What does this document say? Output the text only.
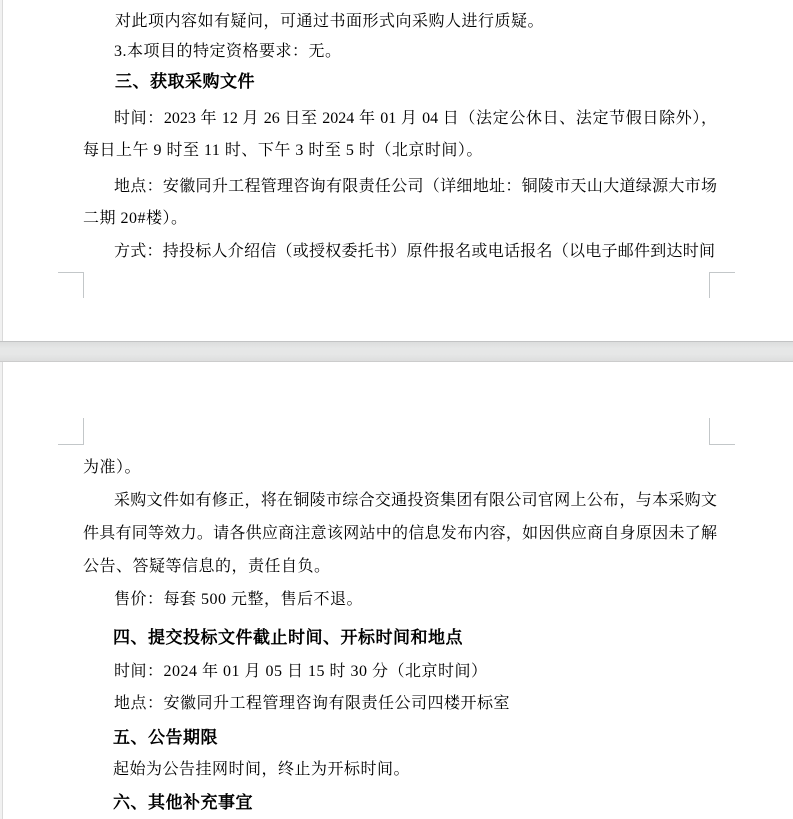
对此项内容如有疑问，可通过书面形式向采购人进行质疑。
3.本项目的特定资格要求：无。
三、获取采购文件
时间：2023 年 12 月 26 日至 2024 年 01 月 04 日（法定公休日、法定节假日除外），
每日上午 9 时至 11 时、下午 3 时至 5 时（北京时间）。
地点：安徽同升工程管理咨询有限责任公司（详细地址：铜陵市天山大道绿源大市场
二期 20#楼）。
方式：持投标人介绍信（或授权委托书）原件报名或电话报名（以电子邮件到达时间
为准）。
采购文件如有修正，将在铜陵市综合交通投资集团有限公司官网上公布，与本采购文
件具有同等效力。请各供应商注意该网站中的信息发布内容，如因供应商自身原因未了解
公告、答疑等信息的，责任自负。
售价：每套 500 元整，售后不退。
四、提交投标文件截止时间、开标时间和地点
时间：2024 年 01 月 05 日 15 时 30 分（北京时间）
地点：安徽同升工程管理咨询有限责任公司四楼开标室
五、公告期限
起始为公告挂网时间，终止为开标时间。
六、其他补充事宜
